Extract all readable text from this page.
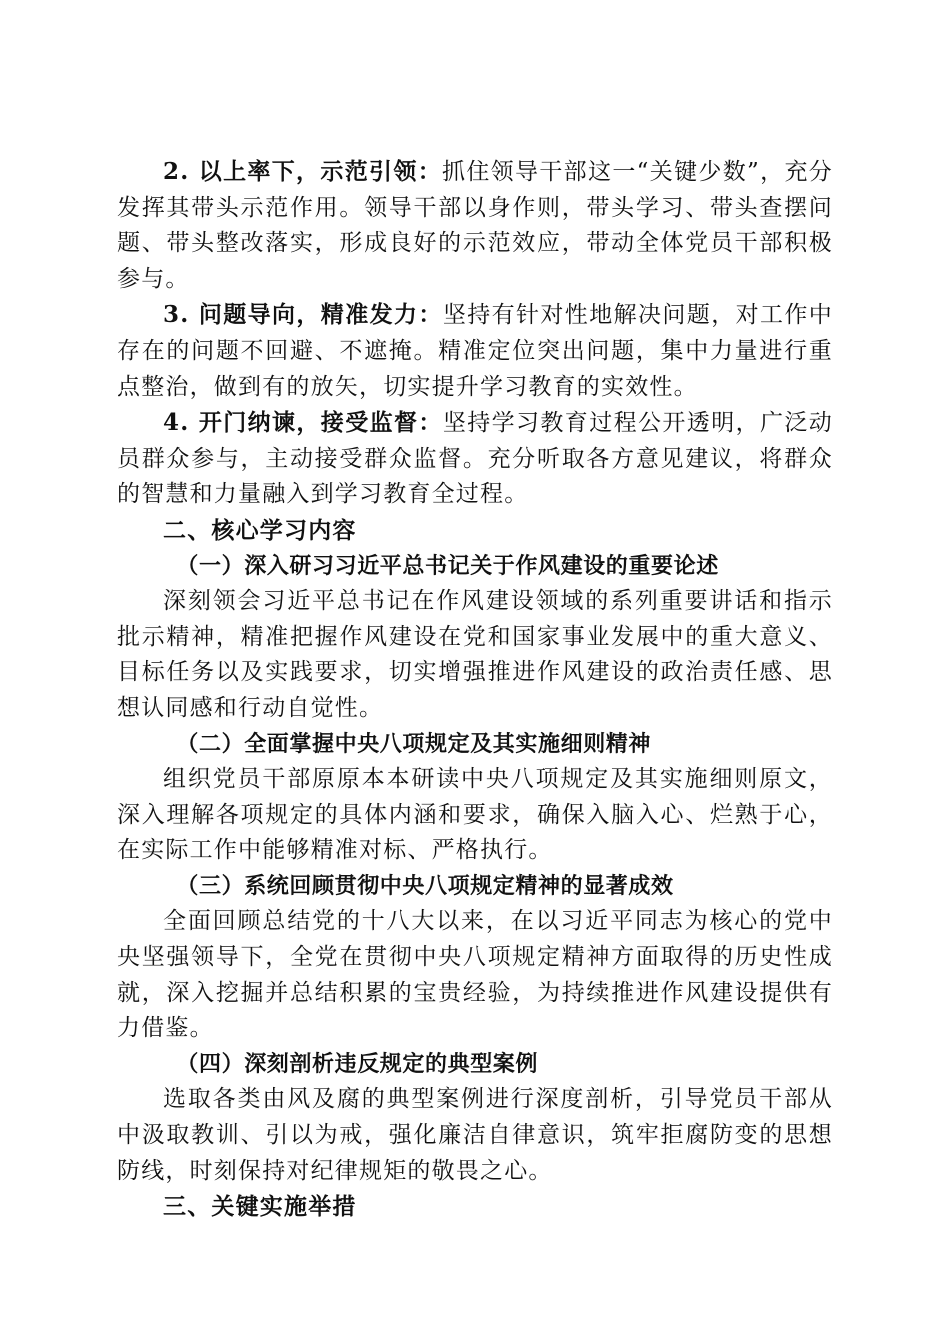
2. 以上率下，示范引领：抓住领导干部这一“关键少数”，充分发挥其带头示范作用。领导干部以身作则，带头学习、带头查摆问题、带头整改落实，形成良好的示范效应，带动全体党员干部积极参与。

3. 问题导向，精准发力：坚持有针对性地解决问题，对工作中存在的问题不回避、不遮掩。精准定位突出问题，集中力量进行重点整治，做到有的放矢，切实提升学习教育的实效性。

4. 开门纳谏，接受监督：坚持学习教育过程公开透明，广泛动员群众参与，主动接受群众监督。充分听取各方意见建议，将群众的智慧和力量融入到学习教育全过程。

二、核心学习内容

（一）深入研习习近平总书记关于作风建设的重要论述

深刻领会习近平总书记在作风建设领域的系列重要讲话和指示批示精神，精准把握作风建设在党和国家事业发展中的重大意义、目标任务以及实践要求，切实增强推进作风建设的政治责任感、思想认同感和行动自觉性。

（二）全面掌握中央八项规定及其实施细则精神

组织党员干部原原本本研读中央八项规定及其实施细则原文，深入理解各项规定的具体内涵和要求，确保入脑入心、烂熟于心，在实际工作中能够精准对标、严格执行。

（三）系统回顾贯彻中央八项规定精神的显著成效

全面回顾总结党的十八大以来，在以习近平同志为核心的党中央坚强领导下，全党在贯彻中央八项规定精神方面取得的历史性成就，深入挖掘并总结积累的宝贵经验，为持续推进作风建设提供有力借鉴。

（四）深刻剖析违反规定的典型案例

选取各类由风及腐的典型案例进行深度剖析，引导党员干部从中汲取教训、引以为戒，强化廉洁自律意识，筑牢拒腐防变的思想防线，时刻保持对纪律规矩的敬畏之心。

三、关键实施举措
